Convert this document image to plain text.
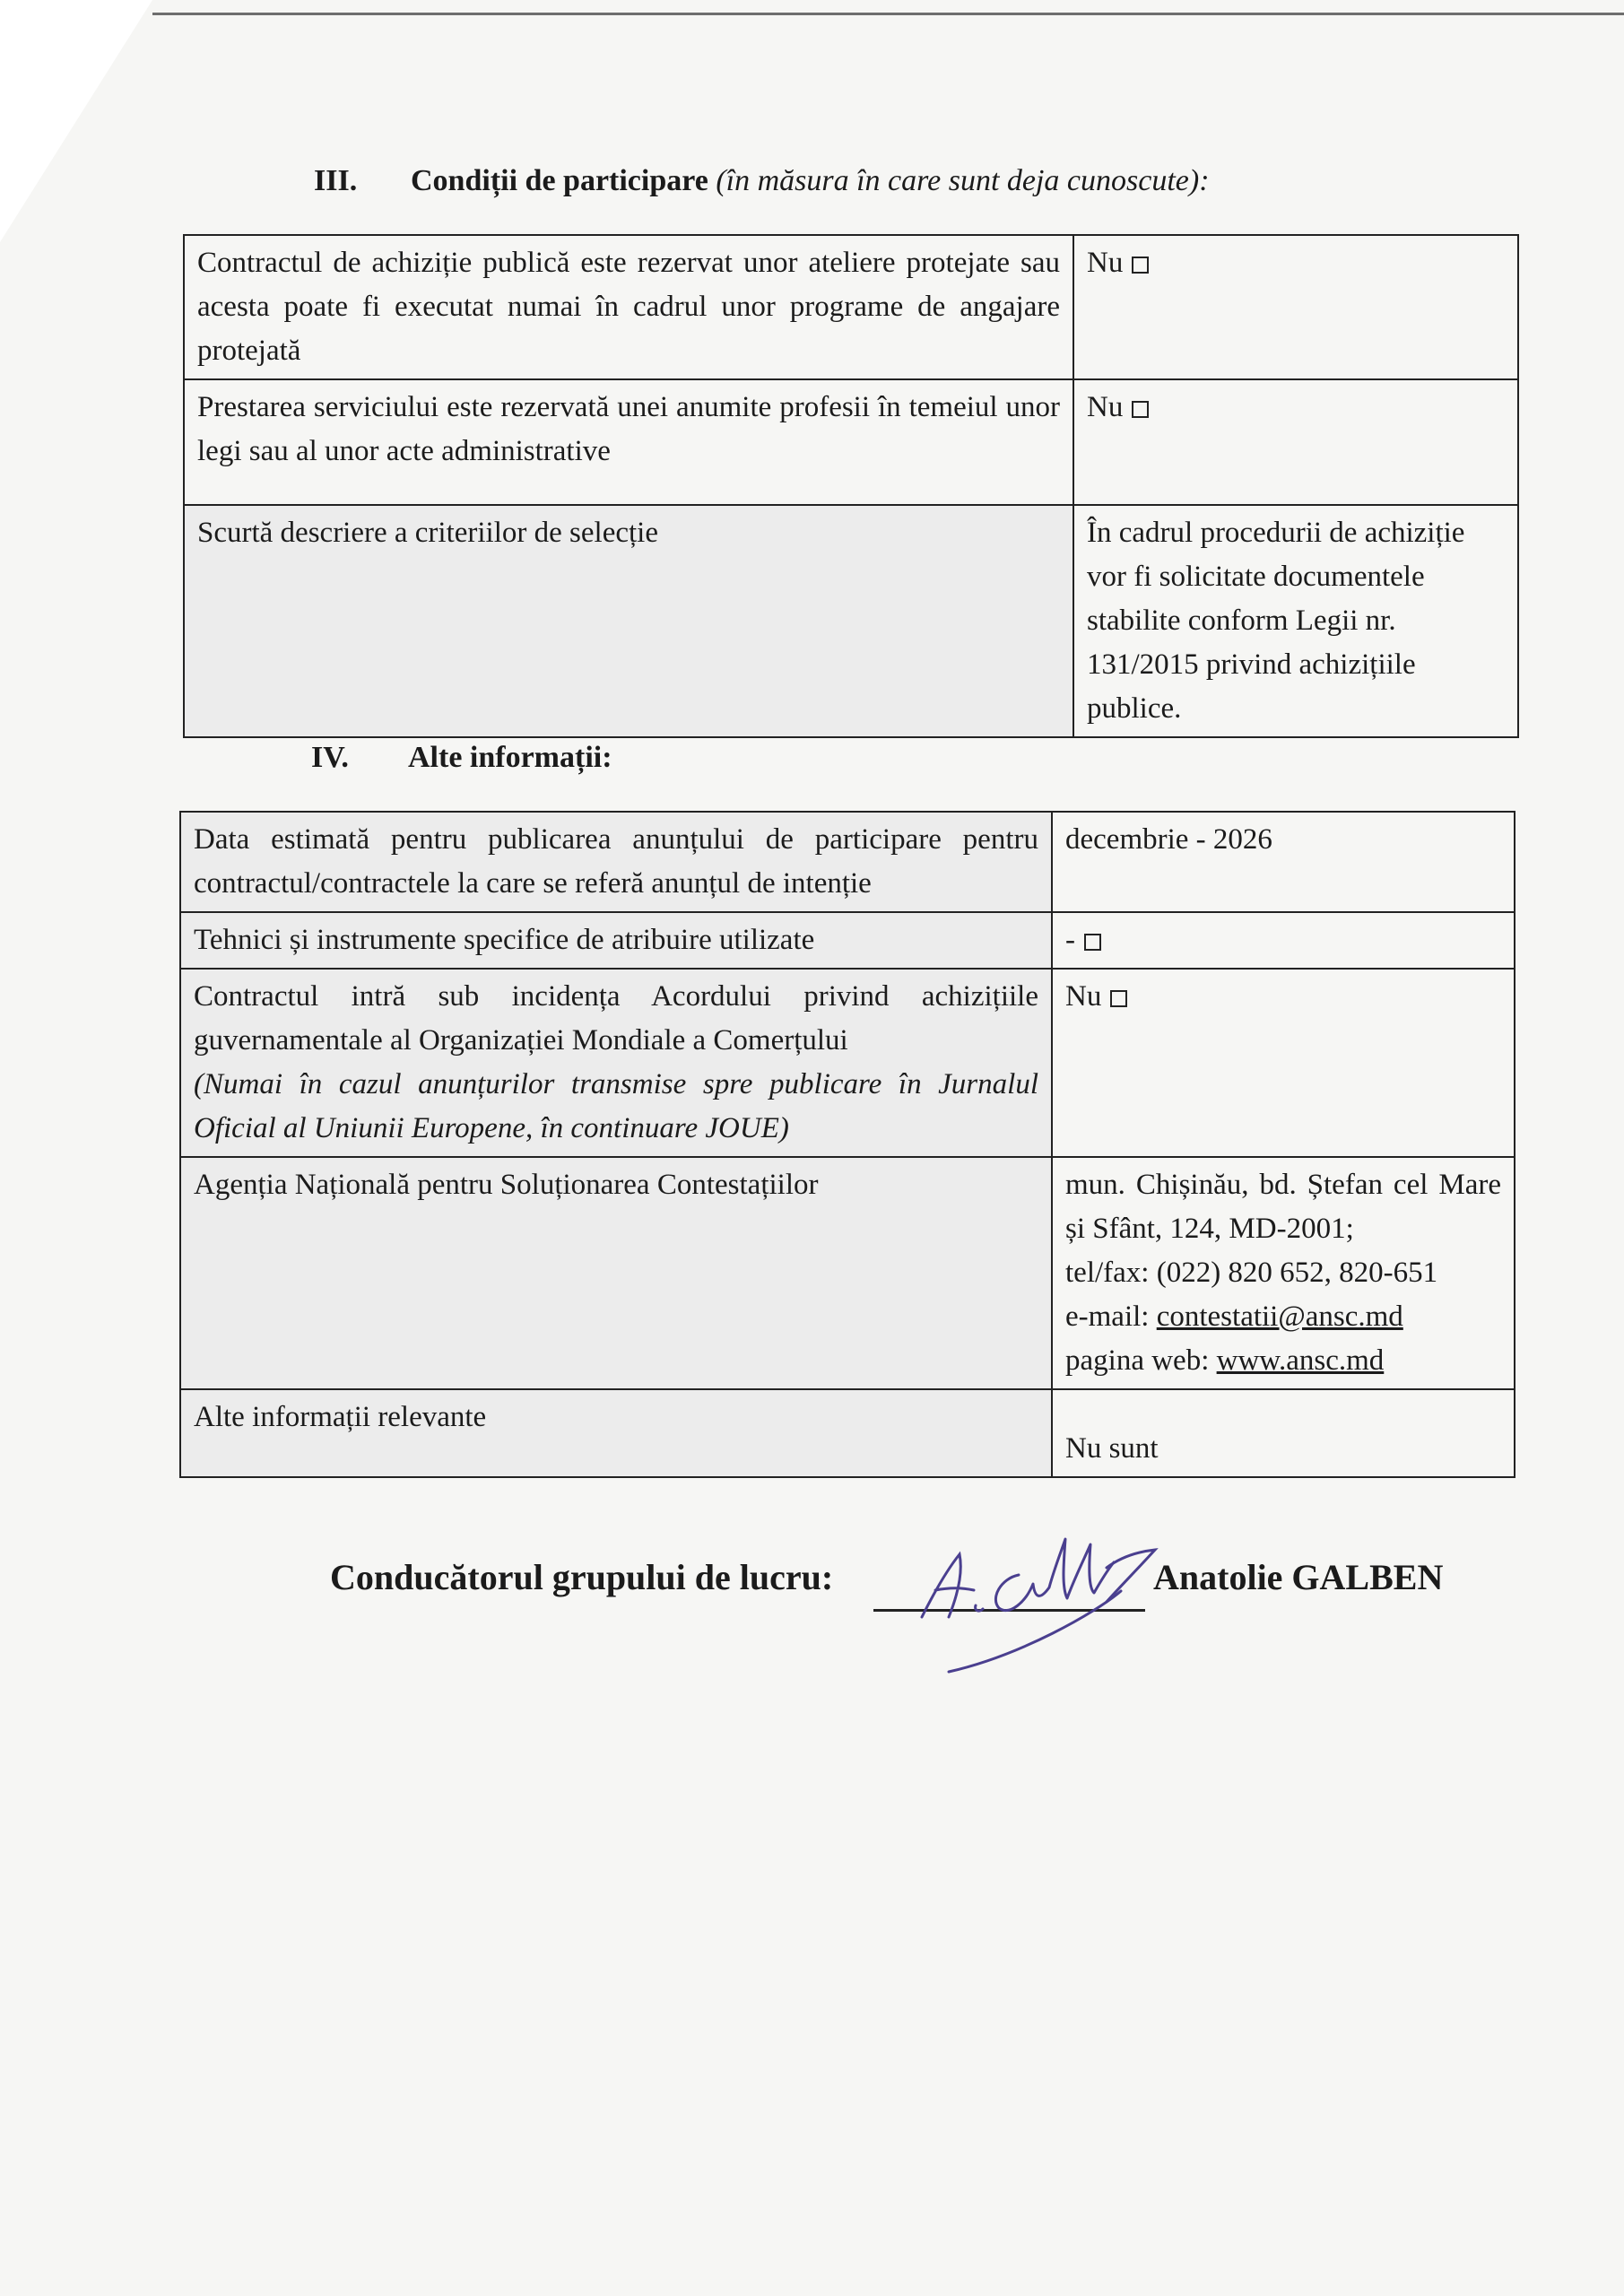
III. Condiții de participare (în măsura în care sunt deja cunoscute):
Contractul de achiziție publică este rezervat unor ateliere protejate sau acesta poate fi executat numai în cadrul unor programe de angajare protejată	Nu
Prestarea serviciului este rezervată unei anumite profesii în temeiul unor legi sau al unor acte administrative	Nu
Scurtă descriere a criteriilor de selecție	În cadrul procedurii de achiziție vor fi solicitate documentele stabilite conform Legii nr. 131/2015 privind achizițiile publice.
IV. Alte informații:
Data estimată pentru publicarea anunțului de participare pentru contractul/contractele la care se referă anunțul de intenție	decembrie - 2026
Tehnici și instrumente specifice de atribuire utilizate	-
Contractul intră sub incidența Acordului privind achizițiile guvernamentale al Organizației Mondiale a Comerțului
(Numai în cazul anunțurilor transmise spre publicare în Jurnalul Oficial al Uniunii Europene, în continuare JOUE)	Nu
Agenția Națională pentru Soluționarea Contestațiilor	mun. Chișinău, bd. Ștefan cel Mare și Sfânt, 124, MD-2001;
tel/fax: (022) 820 652, 820-651
e-mail: contestatii@ansc.md
pagina web: www.ansc.md

Alte informații relevante	Nu sunt
Conducătorul grupului de lucru:	Anatolie GALBEN
